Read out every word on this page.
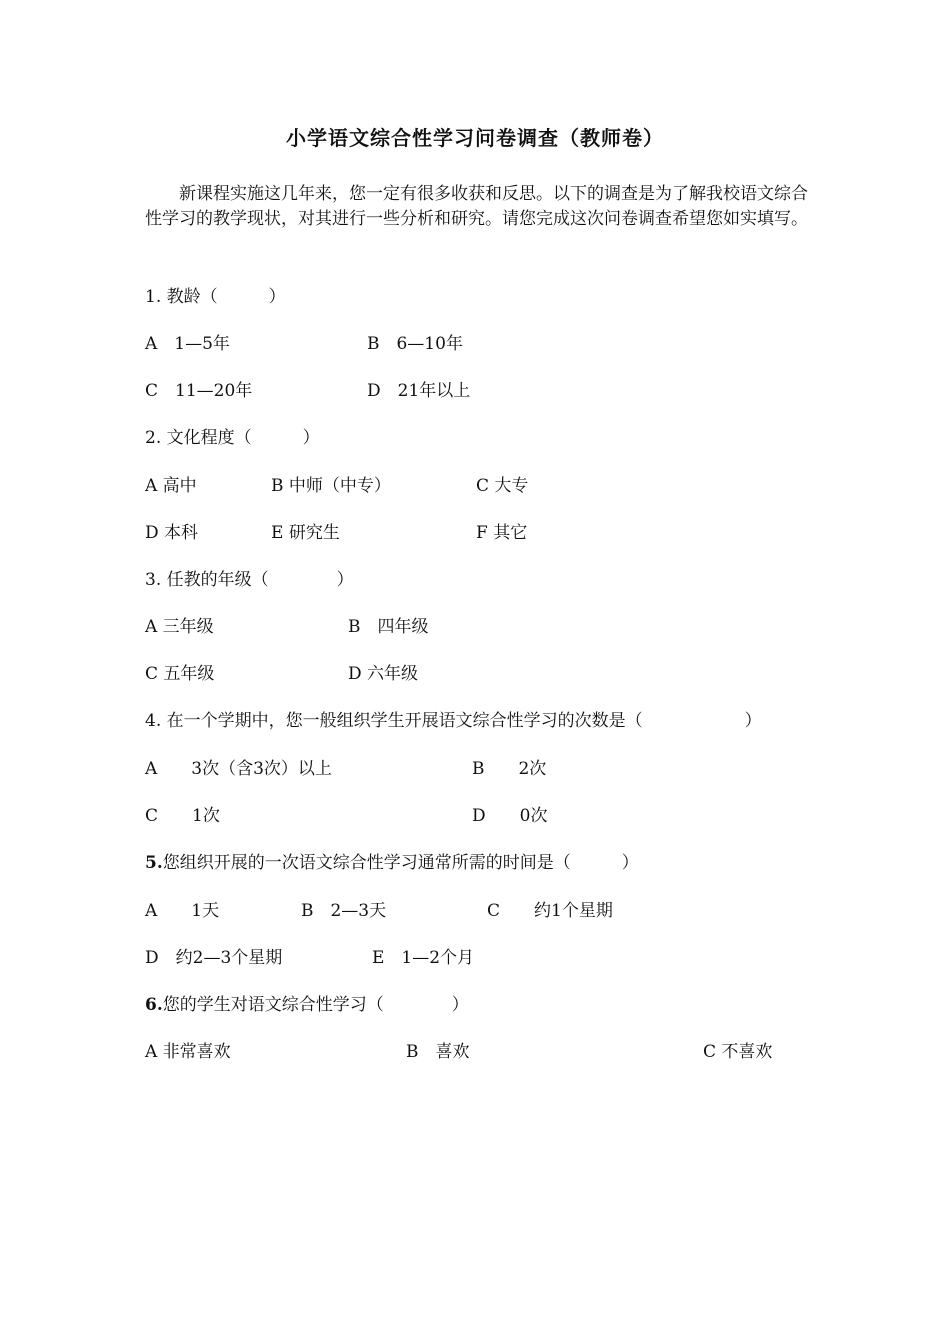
小学语文综合性学习问卷调查（教师卷）
新课程实施这几年来，您一定有很多收获和反思。以下的调查是为了解我校语文综合性学习的教学现状，对其进行一些分析和研究。请您完成这次问卷调查希望您如实填写。
1. 教龄（　　　）
A　1—5年	B　6—10年
C　11—20年	D　21年以上
2. 文化程度（　　　）
A 高中	B 中师（中专）	C 大专
D 本科	E 研究生	F 其它
3. 任教的年级（　　　　）
A 三年级	B　四年级
C 五年级	D 六年级
4. 在一个学期中，您一般组织学生开展语文综合性学习的次数是（　　　　　　）
A　　3次（含3次）以上	B　　2次
C　　1次	D　　0次
5.您组织开展的一次语文综合性学习通常所需的时间是（　　　）
A　　1天	B　2—3天	C　　约1个星期
D　约2—3个星期	E　1—2个月
6.您的学生对语文综合性学习（　　　　）
A 非常喜欢	B　喜欢	C 不喜欢
